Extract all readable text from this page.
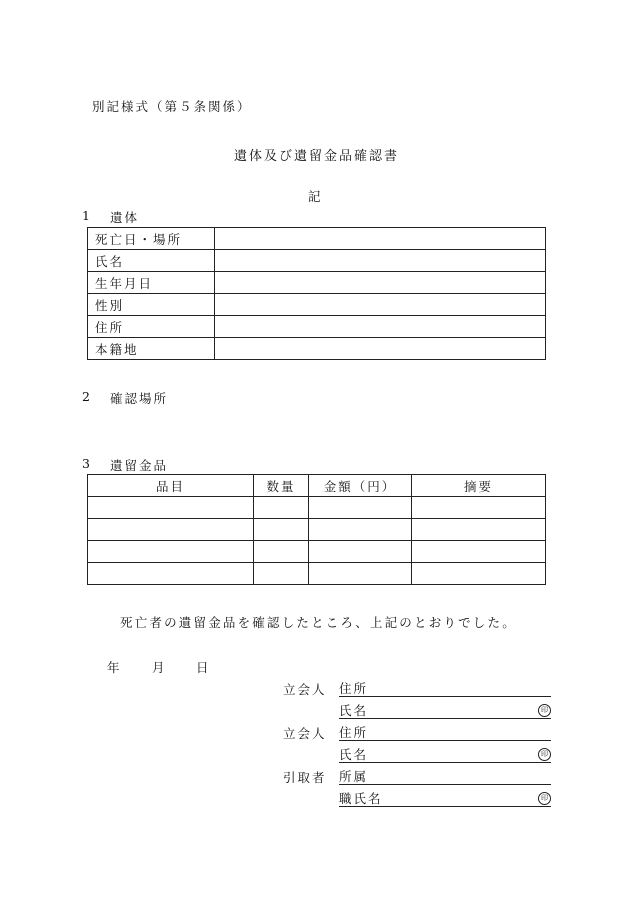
別記様式（第５条関係）
遺体及び遺留金品確認書
記
1 遺体
死亡日・場所	
氏名	
生年月日	
性別	
住所	
本籍地	
2 確認場所
3 遺留金品
品目	数量	金額（円）	摘要

死亡者の遺留金品を確認したところ、上記のとおりでした。
年	月	日
立会人 住所
氏名	印
立会人 住所
氏名	印
引取者 所属
職氏名	印
